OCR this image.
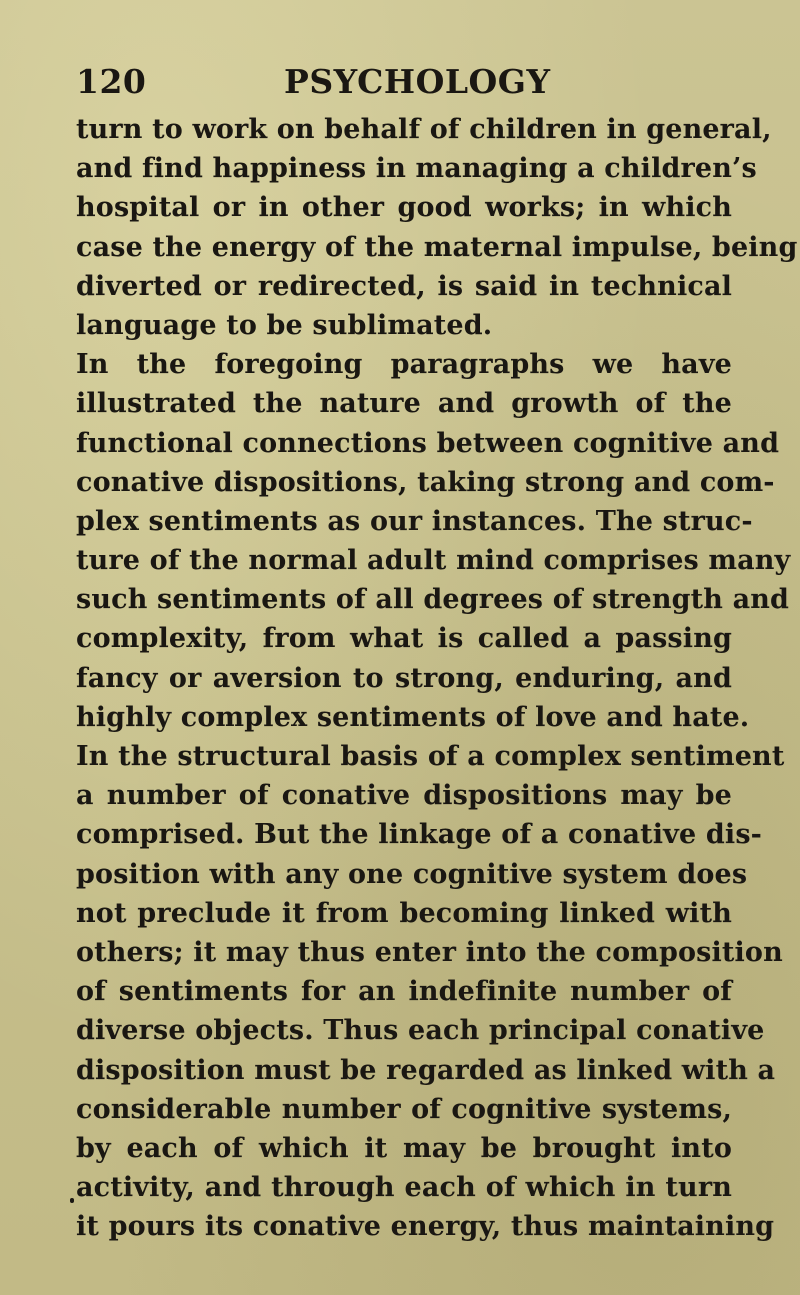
120	PSYCHOLOGY
turn to work on behalf of children in general,
and find happiness in managing a children’s
hospital or in other good works; in which
case the energy of the maternal impulse, being
diverted or redirected, is said in technical
language to be sublimated.
In the foregoing paragraphs we have
illustrated the nature and growth of the
functional connections between cognitive and
conative dispositions, taking strong and com-
plex sentiments as our instances. The struc-
ture of the normal adult mind comprises many
such sentiments of all degrees of strength and
complexity, from what is called a passing
fancy or aversion to strong, enduring, and
highly complex sentiments of love and hate.
In the structural basis of a complex sentiment
a number of conative dispositions may be
comprised. But the linkage of a conative dis-
position with any one cognitive system does
not preclude it from becoming linked with
others; it may thus enter into the composition
of sentiments for an indefinite number of
diverse objects. Thus each principal conative
disposition must be regarded as linked with a
considerable number of cognitive systems,
by each of which it may be brought into
activity, and through each of which in turn
it pours its conative energy, thus maintaining
